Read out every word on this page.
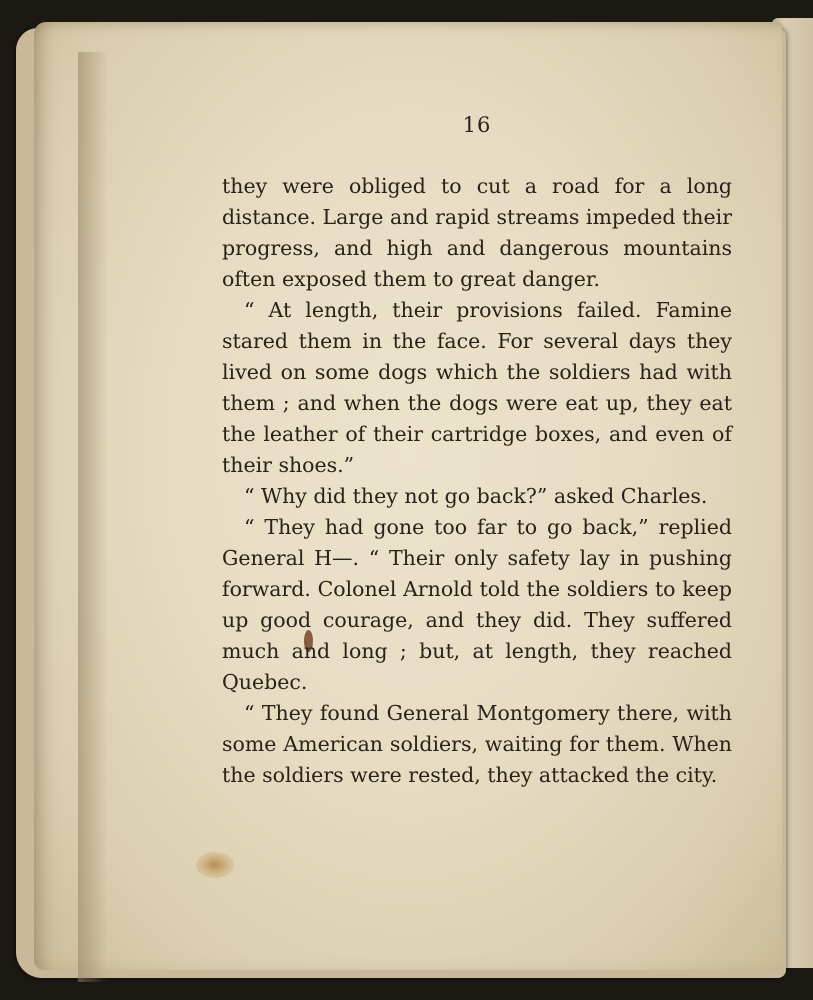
16

they were obliged to cut a road for a long distance. Large and rapid streams impeded their progress, and high and dangerous mountains often exposed them to great danger.

“ At length, their provisions failed. Famine stared them in the face. For several days they lived on some dogs which the soldiers had with them ; and when the dogs were eat up, they eat the leather of their cartridge boxes, and even of their shoes.”

“ Why did they not go back?” asked Charles.

“ They had gone too far to go back,” replied General H—. “ Their only safety lay in pushing forward. Colonel Arnold told the soldiers to keep up good courage, and they did. They suffered much and long ; but, at length, they reached Quebec.

“ They found General Montgomery there, with some American soldiers, waiting for them. When the soldiers were rested, they attacked the city.
